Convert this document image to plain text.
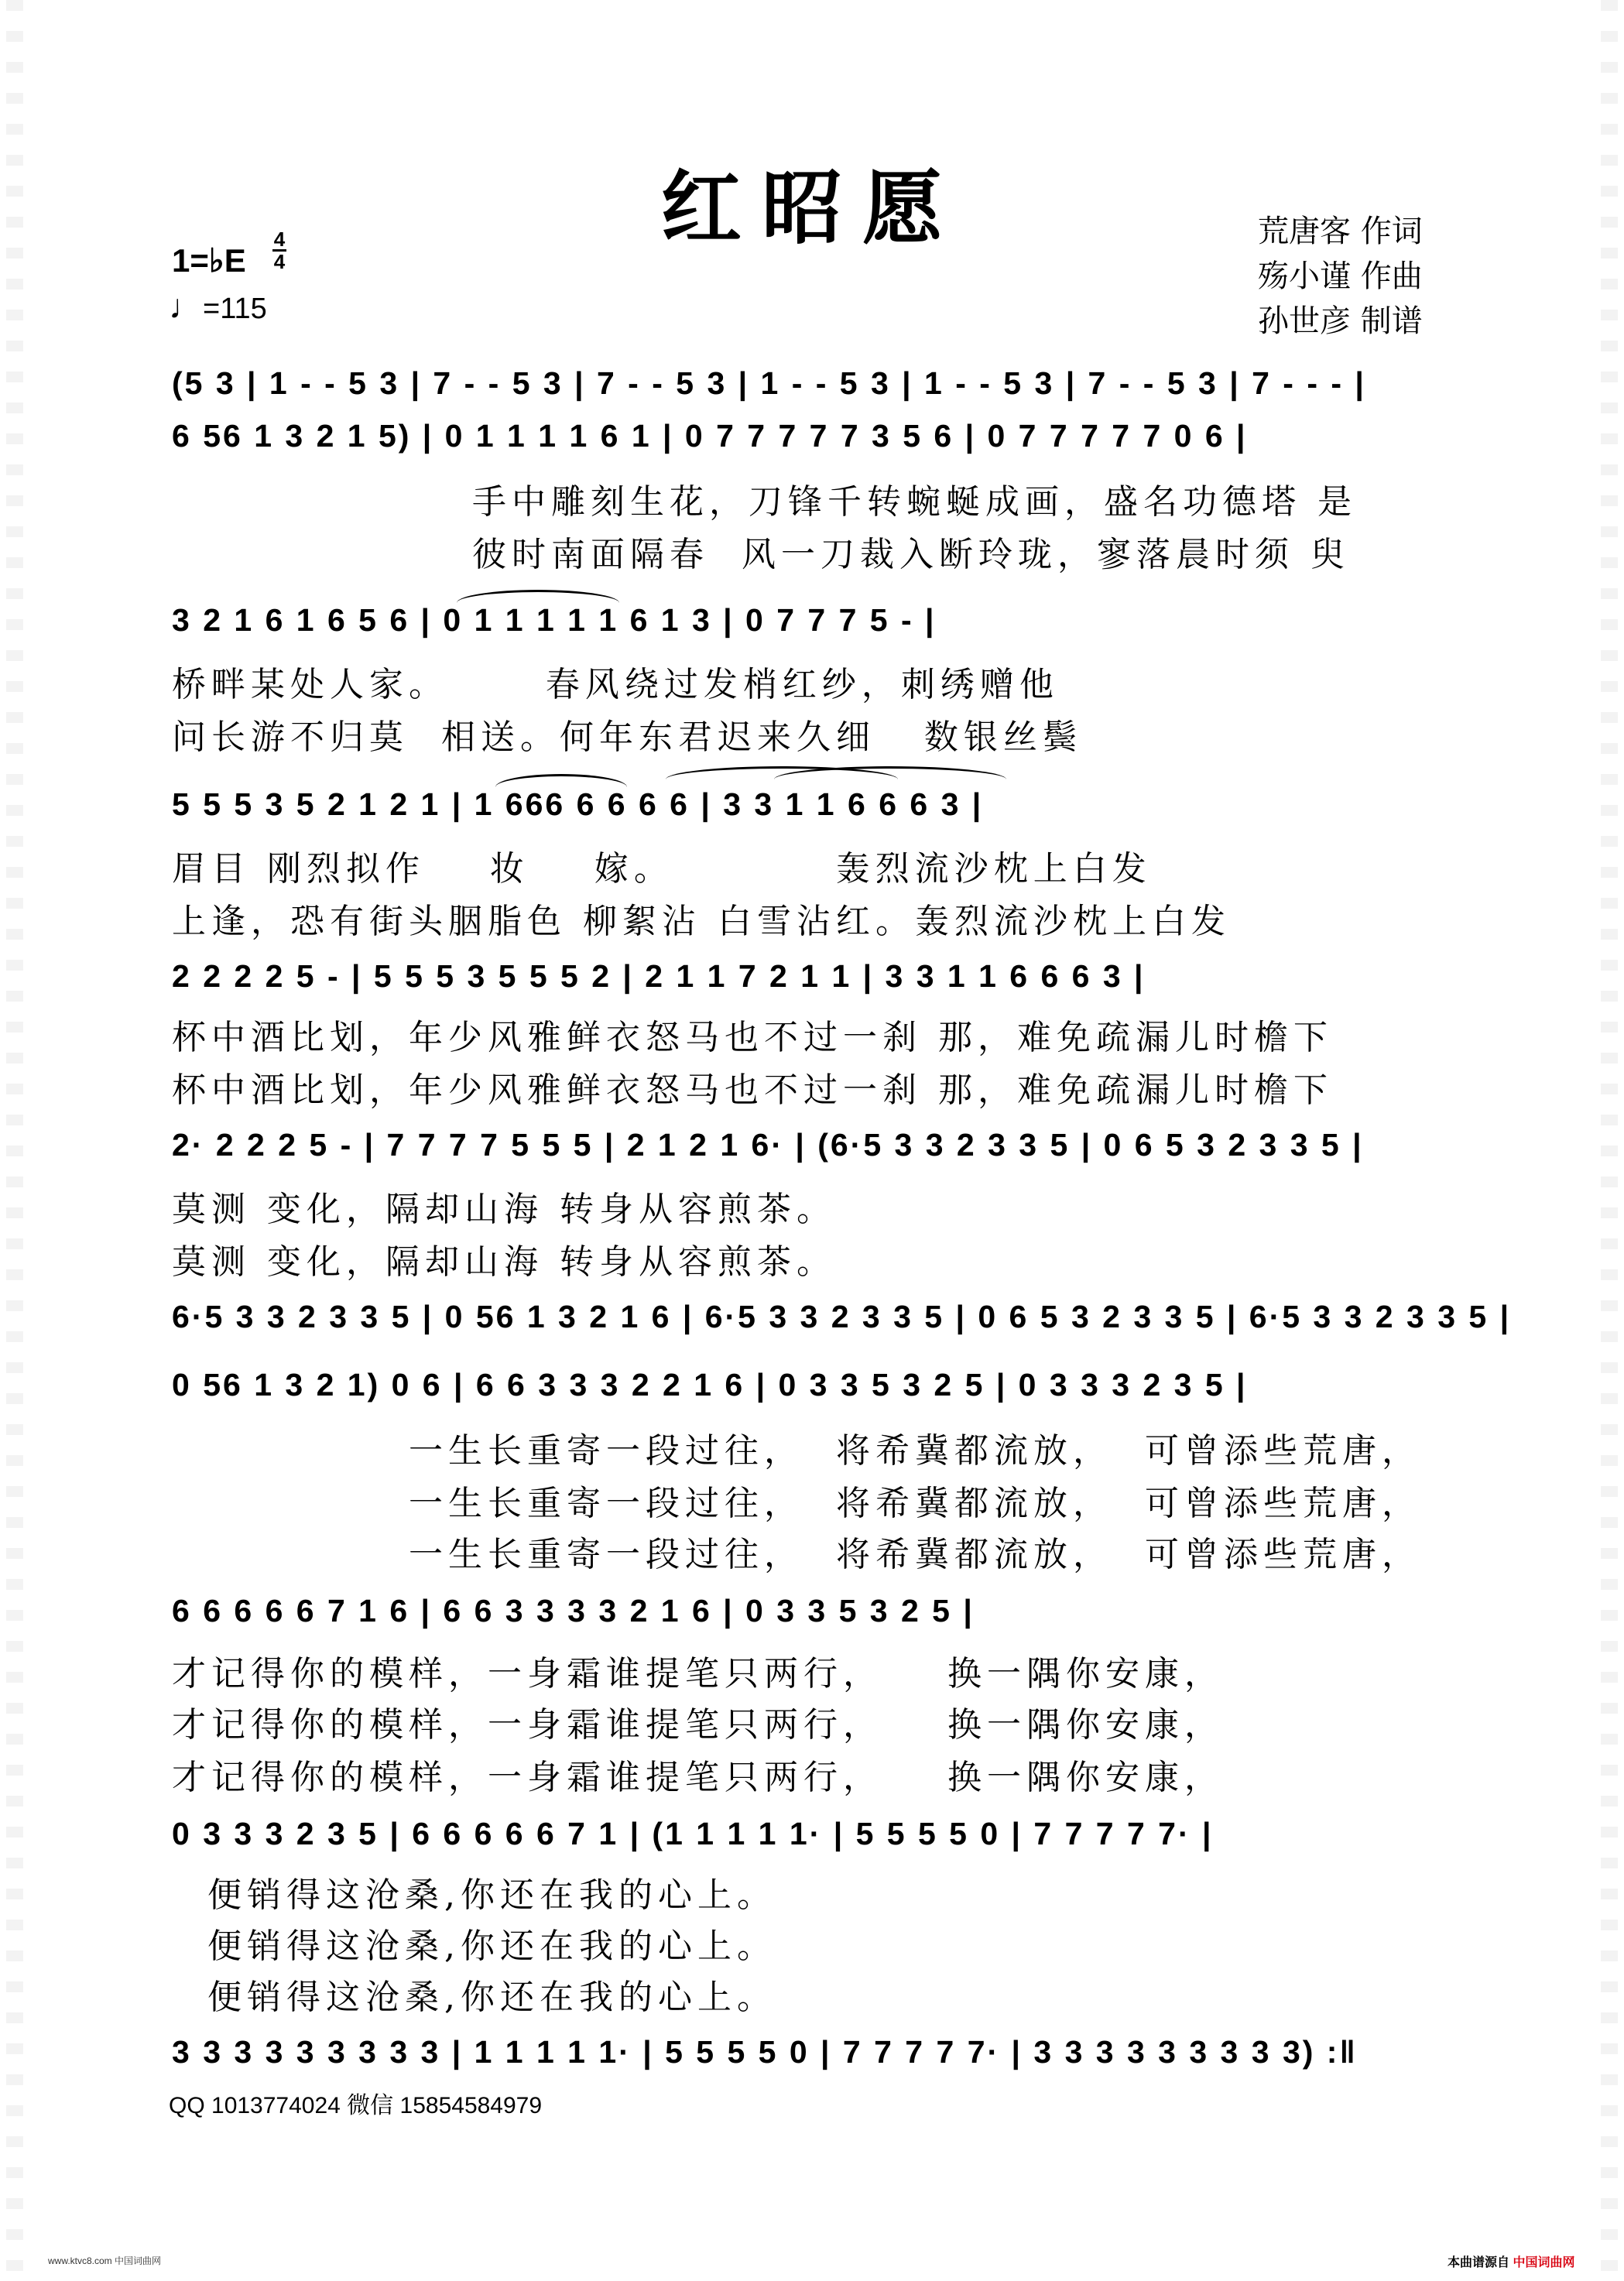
红昭愿	荒唐客 作词
殇小谨 作曲
孙世彦 制谱
1=♭E
4
4
♩=115
(5 3 | 1 - - 5 3 | 7 - - 5 3 | 7 - - 5 3 | 1 - - 5 3 | 1 - - 5 3 | 7 - - 5 3 | 7 - - - |
6 56 1 3 2 1 5) | 0 1 1 1 1 6 1 | 0 7 7 7 7 7 3 5 6 | 0 7 7 7 7 7 0 6 |
手中雕刻生花，刀锋千转蜿蜒成画，盛名功德塔 是
彼时南面隔春  风一刀裁入断玲珑，寥落晨时须 臾
3 2 1 6 1 6 5 6 | 0 1 1 1 1 1 6 1 3 | 0 7 7 7 5 - |
桥畔某处人家。      春风绕过发梢红纱，刺绣赠他
问长游不归莫  相送。何年东君迟来久细   数银丝鬓
5 5 5 3 5 2 1 2 1 | 1 666 6 6 6 6 | 3 3 1 1 6 6 6 3 |
眉目 刚烈拟作    妆    嫁。          轰烈流沙枕上白发
上逢，恐有街头胭脂色 柳絮沾 白雪沾红。轰烈流沙枕上白发
2 2 2 2 5 - | 5 5 5 3 5 5 5 2 | 2 1 1 7 2 1 1 | 3 3 1 1 6 6 6 3 |
杯中酒比划，年少风雅鲜衣怒马也不过一刹 那，难免疏漏儿时檐下
杯中酒比划，年少风雅鲜衣怒马也不过一刹 那，难免疏漏儿时檐下
2· 2 2 2 5 - | 7 7 7 7 5 5 5 | 2 1 2 1 6· | (6·5 3 3 2 3 3 5 | 0 6 5 3 2 3 3 5 |
莫测 变化，隔却山海 转身从容煎茶。
莫测 变化，隔却山海 转身从容煎茶。
6·5 3 3 2 3 3 5 | 0 56 1 3 2 1 6 | 6·5 3 3 2 3 3 5 | 0 6 5 3 2 3 3 5 | 6·5 3 3 2 3 3 5 |
0 56 1 3 2 1) 0 6 | 6 6 3 3 3 2 2 1 6 | 0 3 3 5 3 2 5 | 0 3 3 3 2 3 5 |
一生长重寄一段过往，  将希冀都流放，  可曾添些荒唐，
一生长重寄一段过往，  将希冀都流放，  可曾添些荒唐，
一生长重寄一段过往，  将希冀都流放，  可曾添些荒唐，
6 6 6 6 6 7 1 6 | 6 6 3 3 3 3 2 1 6 | 0 3 3 5 3 2 5 |
才记得你的模样，一身霜谁提笔只两行，    换一隅你安康，
才记得你的模样，一身霜谁提笔只两行，    换一隅你安康，
才记得你的模样，一身霜谁提笔只两行，    换一隅你安康，
0 3 3 3 2 3 5 | 6 6 6 6 6 7 1 | (1 1 1 1 1· | 5 5 5 5 0 | 7 7 7 7 7· |
便销得这沧桑,你还在我的心上。
便销得这沧桑,你还在我的心上。
便销得这沧桑,你还在我的心上。
3 3 3 3 3 3 3 3 3 | 1 1 1 1 1· | 5 5 5 5 0 | 7 7 7 7 7· | 3 3 3 3 3 3 3 3 3) :‖
QQ 1013774024 微信 15854584979
www.ktvc8.com 中国词曲网	本曲谱源自 中国词曲网
